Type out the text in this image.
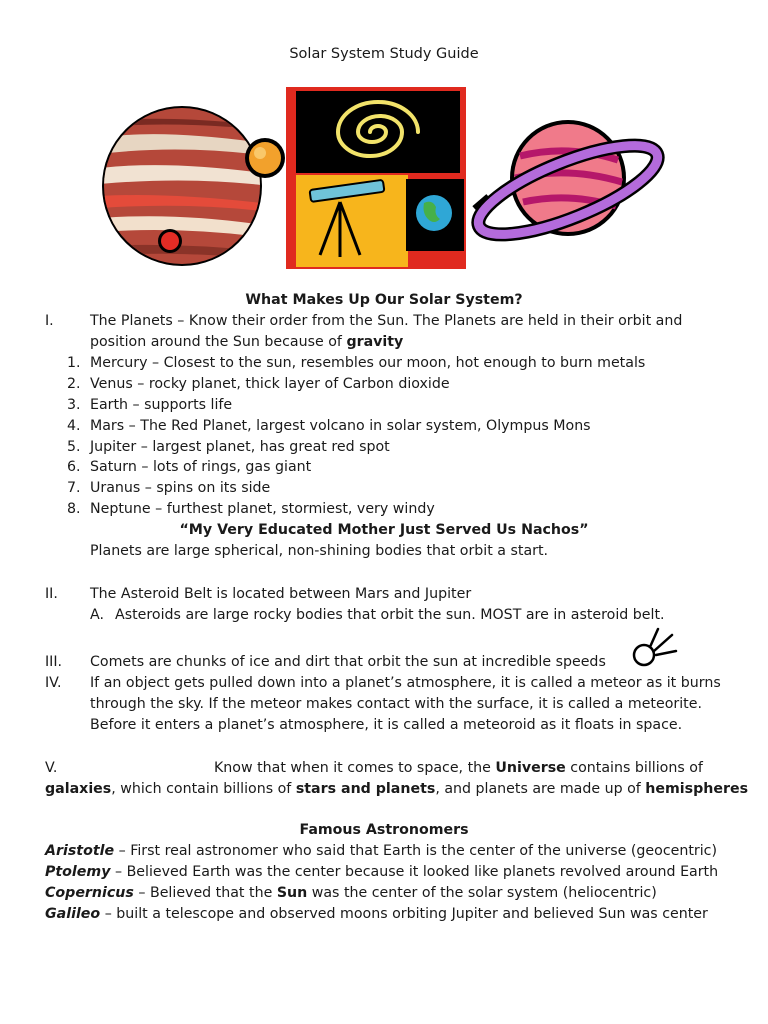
Solar System Study Guide
What Makes Up Our Solar System?
I.	The Planets – Know their order from the Sun. The Planets are held in their orbit and
position around the Sun because of gravity
1. Mercury – Closest to the sun, resembles our moon, hot enough to burn metals
2. Venus – rocky planet, thick layer of Carbon dioxide
3. Earth – supports life
4. Mars – The Red Planet, largest volcano in solar system, Olympus Mons
5. Jupiter – largest planet, has great red spot
6. Saturn – lots of rings, gas giant
7. Uranus – spins on its side
8. Neptune – furthest planet, stormiest, very windy
“My Very Educated Mother Just Served Us Nachos”
Planets are large spherical, non-shining bodies that orbit a start.
II. The Asteroid Belt is located between Mars and Jupiter
A. Asteroids are large rocky bodies that orbit the sun. MOST are in asteroid belt.
III. Comets are chunks of ice and dirt that orbit the sun at incredible speeds
IV. If an object gets pulled down into a planet’s atmosphere, it is called a meteor as it burns
through the sky. If the meteor makes contact with the surface, it is called a meteorite.
Before it enters a planet’s atmosphere, it is called a meteoroid as it floats in space.
V.	Know that when it comes to space, the Universe contains billions of
galaxies, which contain billions of stars and planets, and planets are made up of hemispheres
Famous Astronomers
Aristotle – First real astronomer who said that Earth is the center of the universe (geocentric)
Ptolemy – Believed Earth was the center because it looked like planets revolved around Earth
Copernicus – Believed that the Sun was the center of the solar system (heliocentric)
Galileo – built a telescope and observed moons orbiting Jupiter and believed Sun was center
